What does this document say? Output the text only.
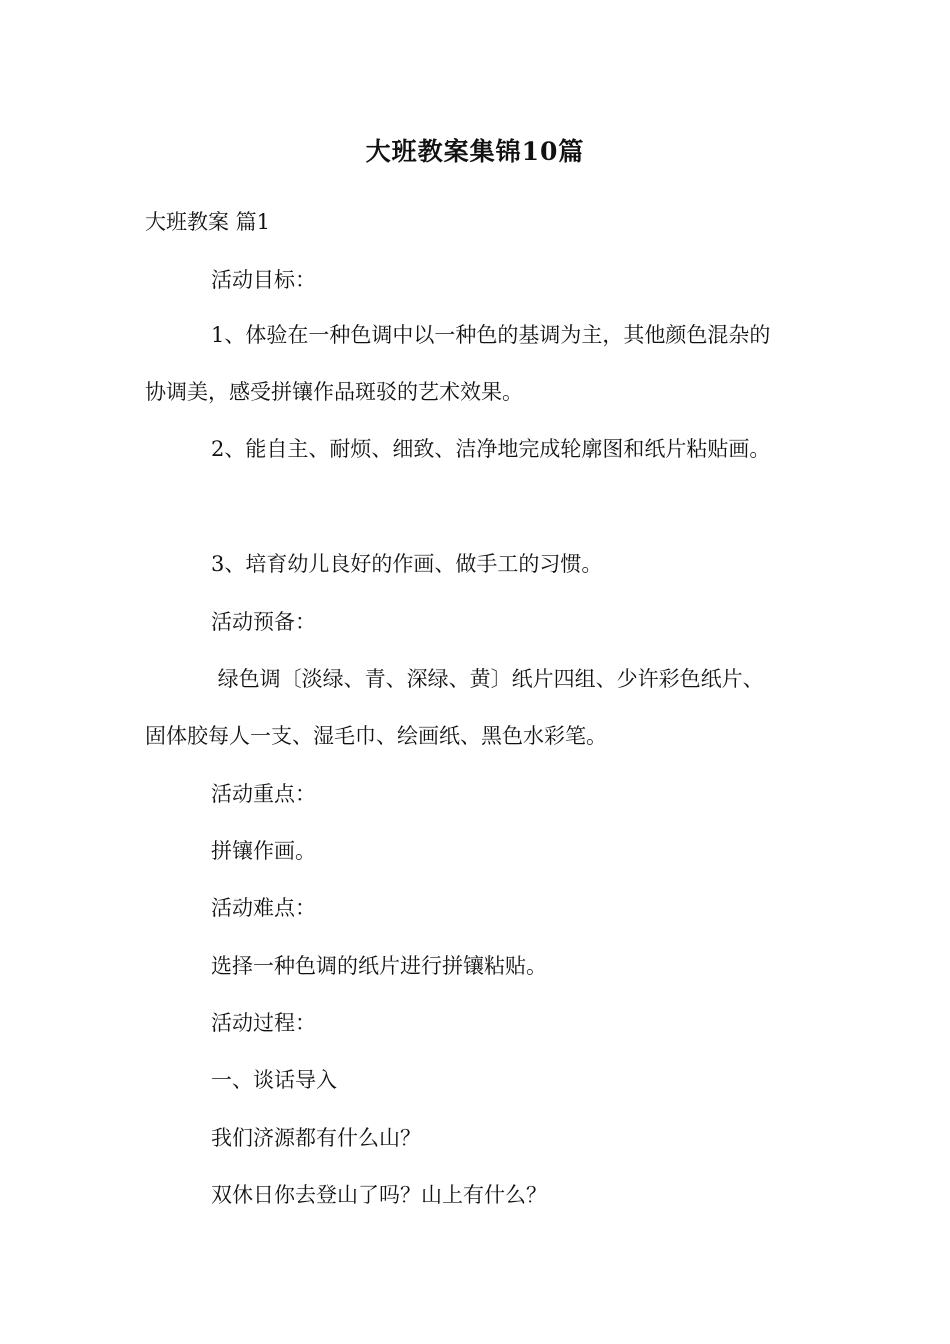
大班教案集锦10篇

大班教案 篇1

活动目标：

1、体验在一种色调中以一种色的基调为主，其他颜色混杂的

协调美，感受拼镶作品斑驳的艺术效果。

2、能自主、耐烦、细致、洁净地完成轮廓图和纸片粘贴画。

3、培育幼儿良好的作画、做手工的习惯。

活动预备：

绿色调〔淡绿、青、深绿、黄〕纸片四组、少许彩色纸片、

固体胶每人一支、湿毛巾、绘画纸、黑色水彩笔。

活动重点：

拼镶作画。

活动难点：

选择一种色调的纸片进行拼镶粘贴。

活动过程：

一、谈话导入

我们济源都有什么山？

双休日你去登山了吗？山上有什么？
